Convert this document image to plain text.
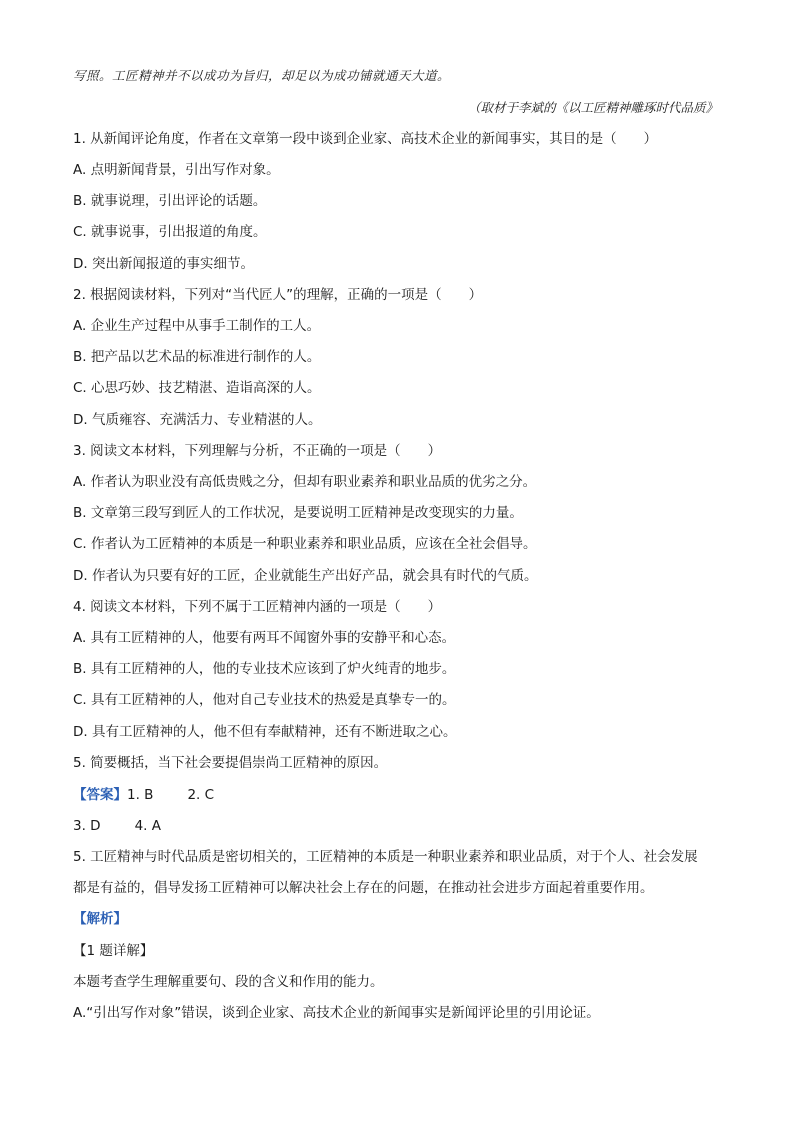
写照。工匠精神并不以成功为旨归，却足以为成功铺就通天大道。
（取材于李斌的《以工匠精神雕琢时代品质》
1. 从新闻评论角度，作者在文章第一段中谈到企业家、高技术企业的新闻事实，其目的是（　　）
A. 点明新闻背景，引出写作对象。
B. 就事说理，引出评论的话题。
C. 就事说事，引出报道的角度。
D. 突出新闻报道的事实细节。
2. 根据阅读材料，下列对“当代匠人”的理解，正确的一项是（　　）
A. 企业生产过程中从事手工制作的工人。
B. 把产品以艺术品的标准进行制作的人。
C. 心思巧妙、技艺精湛、造诣高深的人。
D. 气质雍容、充满活力、专业精湛的人。
3. 阅读文本材料，下列理解与分析，不正确的一项是（　　）
A. 作者认为职业没有高低贵贱之分，但却有职业素养和职业品质的优劣之分。
B. 文章第三段写到匠人的工作状况，是要说明工匠精神是改变现实的力量。
C. 作者认为工匠精神的本质是一种职业素养和职业品质，应该在全社会倡导。
D. 作者认为只要有好的工匠，企业就能生产出好产品，就会具有时代的气质。
4. 阅读文本材料，下列不属于工匠精神内涵的一项是（　　）
A. 具有工匠精神的人，他要有两耳不闻窗外事的安静平和心态。
B. 具有工匠精神的人，他的专业技术应该到了炉火纯青的地步。
C. 具有工匠精神的人，他对自己专业技术的热爱是真挚专一的。
D. 具有工匠精神的人，他不但有奉献精神，还有不断进取之心。
5. 简要概括，当下社会要提倡崇尚工匠精神的原因。
【答案】1. B	2. C
3. D	4. A
5. 工匠精神与时代品质是密切相关的，工匠精神的本质是一种职业素养和职业品质，对于个人、社会发展
都是有益的，倡导发扬工匠精神可以解决社会上存在的问题，在推动社会进步方面起着重要作用。
【解析】
【1 题详解】
本题考查学生理解重要句、段的含义和作用的能力。
A.“引出写作对象”错误，谈到企业家、高技术企业的新闻事实是新闻评论里的引用论证。
